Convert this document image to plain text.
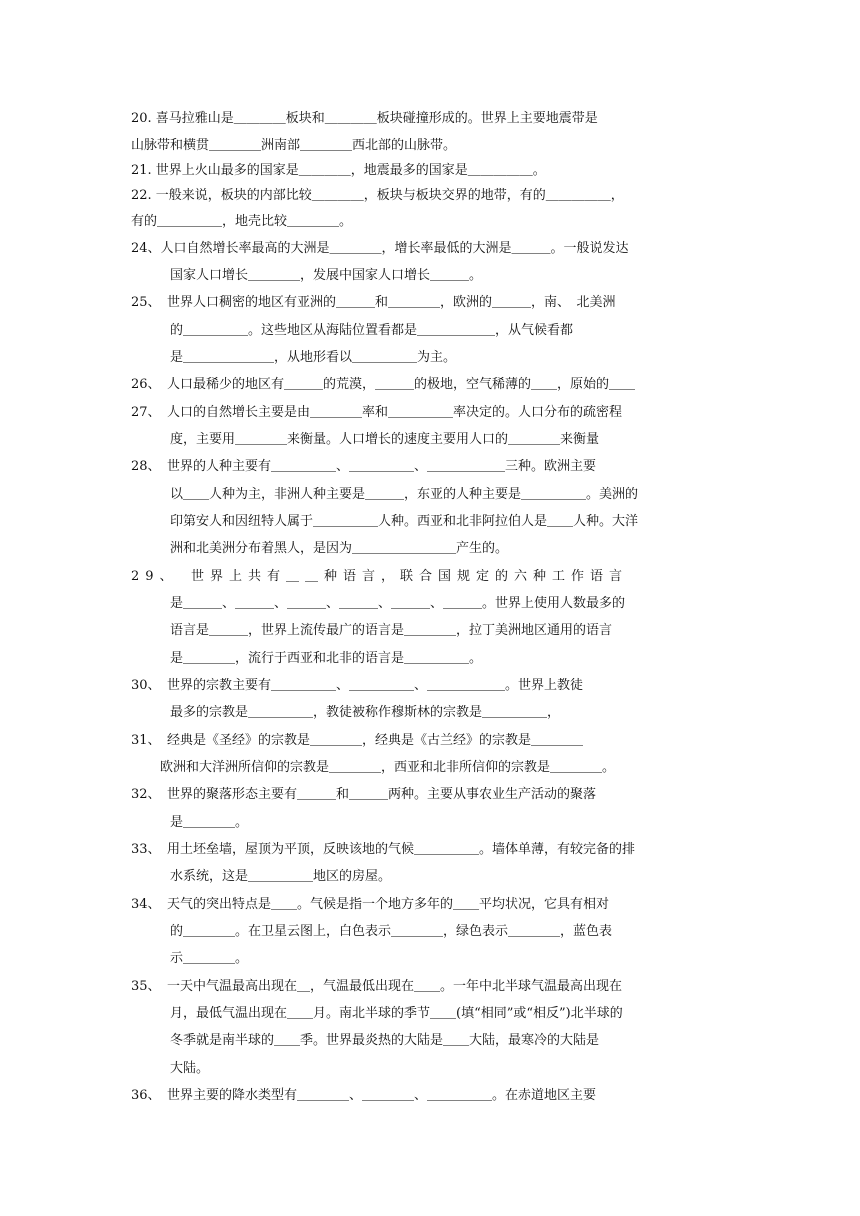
20. 喜马拉雅山是＿＿＿＿板块和＿＿＿＿板块碰撞形成的。世界上主要地震带是
山脉带和横贯＿＿＿＿洲南部＿＿＿＿西北部的山脉带。
21. 世界上火山最多的国家是＿＿＿＿，地震最多的国家是＿＿＿＿＿。
22. 一般来说，板块的内部比较＿＿＿＿，板块与板块交界的地带，有的＿＿＿＿＿，
有的＿＿＿＿＿，地壳比较＿＿＿＿。
24、人口自然增长率最高的大洲是＿＿＿＿，增长率最低的大洲是＿＿＿。一般说发达
国家人口增长＿＿＿＿，发展中国家人口增长＿＿＿。
25、　世界人口稠密的地区有亚洲的＿＿＿和＿＿＿＿，欧洲的＿＿＿，南、　北美洲
的＿＿＿＿＿。这些地区从海陆位置看都是＿＿＿＿＿＿，从气候看都
是＿＿＿＿＿＿＿，从地形看以＿＿＿＿＿为主。
26、　人口最稀少的地区有＿＿＿的荒漠，＿＿＿的极地，空气稀薄的＿＿，原始的＿＿
27、　人口的自然增长主要是由＿＿＿＿率和＿＿＿＿＿率决定的。人口分布的疏密程
度，主要用＿＿＿＿来衡量。人口增长的速度主要用人口的＿＿＿＿来衡量
28、　世界的人种主要有＿＿＿＿＿、＿＿＿＿＿、＿＿＿＿＿＿三种。欧洲主要
以＿＿人种为主，非洲人种主要是＿＿＿，东亚的人种主要是＿＿＿＿＿。美洲的
印第安人和因纽特人属于＿＿＿＿＿人种。西亚和北非阿拉伯人是＿＿人种。大洋
洲和北美洲分布着黑人，是因为＿＿＿＿＿＿＿＿产生的。
29、　世界上共有＿＿种语言，联合国规定的六种工作语言
是＿＿＿、＿＿＿、＿＿＿、＿＿＿、＿＿＿、＿＿＿。世界上使用人数最多的
语言是＿＿＿，世界上流传最广的语言是＿＿＿＿，拉丁美洲地区通用的语言
是＿＿＿＿，流行于西亚和北非的语言是＿＿＿＿＿。
30、　世界的宗教主要有＿＿＿＿＿、＿＿＿＿＿、＿＿＿＿＿＿。世界上教徒
最多的宗教是＿＿＿＿＿，教徒被称作穆斯林的宗教是＿＿＿＿＿，
31、　经典是《圣经》的宗教是＿＿＿＿，经典是《古兰经》的宗教是＿＿＿＿
欧洲和大洋洲所信仰的宗教是＿＿＿＿，西亚和北非所信仰的宗教是＿＿＿＿。
32、　世界的聚落形态主要有＿＿＿和＿＿＿两种。主要从事农业生产活动的聚落
是＿＿＿＿。
33、　用土坯垒墙，屋顶为平顶，反映该地的气候＿＿＿＿＿。墙体单薄，有较完备的排
水系统，这是＿＿＿＿＿地区的房屋。
34、　天气的突出特点是＿＿。气候是指一个地方多年的＿＿平均状况，它具有相对
的＿＿＿＿。在卫星云图上，白色表示＿＿＿＿，绿色表示＿＿＿＿，蓝色表
示＿＿＿＿。
35、　一天中气温最高出现在＿，气温最低出现在＿＿。一年中北半球气温最高出现在
月，最低气温出现在＿＿月。南北半球的季节＿＿(填“相同”或“相反”)北半球的
冬季就是南半球的＿＿季。世界最炎热的大陆是＿＿大陆，最寒冷的大陆是
大陆。
36、　世界主要的降水类型有＿＿＿＿、＿＿＿＿、＿＿＿＿＿。在赤道地区主要
